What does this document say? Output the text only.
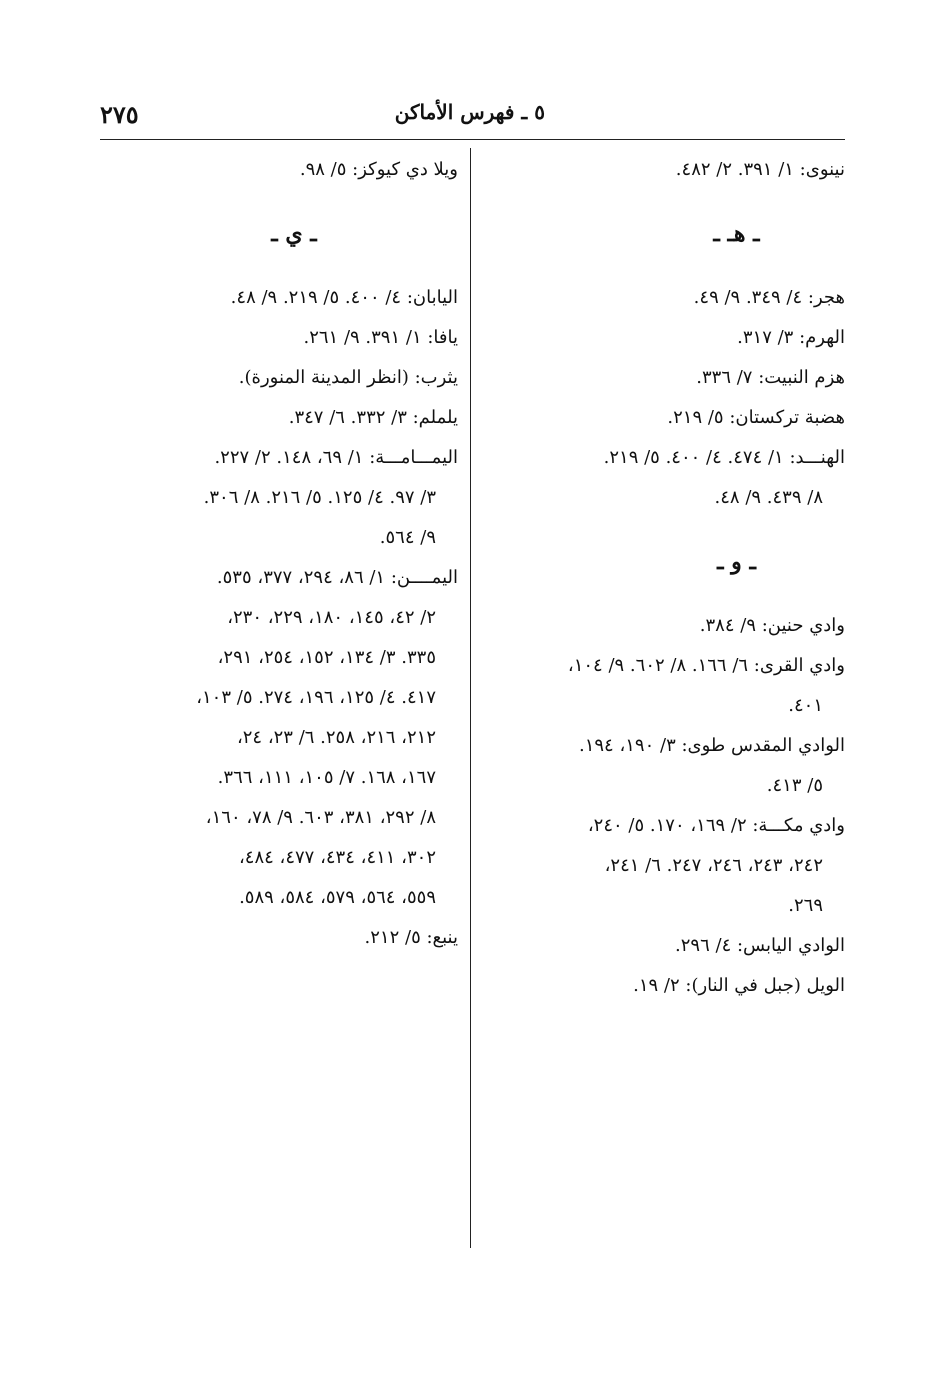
٢٧٥	٥ ـ فهرس الأماكن
نينوى: ١/ ٣٩١. ٢/ ٤٨٢.
ـ هـ ـ
هجر: ٤/ ٣٤٩. ٩/ ٤٩.
الهرم: ٣/ ٣١٧.
هزم النبيت: ٧/ ٣٣٦.
هضبة تركستان: ٥/ ٢١٩.
الهنـــد: ١/ ٤٧٤. ٤/ ٤٠٠. ٥/ ٢١٩.
٨/ ٤٣٩. ٩/ ٤٨.
ـ و ـ
وادي حنين: ٩/ ٣٨٤.
وادي القرى: ٦/ ١٦٦. ٨/ ٦٠٢. ٩/ ١٠٤،
٤٠١.
الوادي المقدس طوى: ٣/ ١٩٠، ١٩٤.
٥/ ٤١٣.
وادي مكـــة: ٢/ ١٦٩، ١٧٠. ٥/ ٢٤٠،
٢٤٢، ٢٤٣، ٢٤٦، ٢٤٧. ٦/ ٢٤١،
٢٦٩.
الوادي اليابس: ٤/ ٢٩٦.
الويل (جبل في النار): ٢/ ١٩.
ويلا دي كيوكز: ٥/ ٩٨.
ـ ي ـ
اليابان: ٤/ ٤٠٠. ٥/ ٢١٩. ٩/ ٤٨.
يافا: ١/ ٣٩١. ٩/ ٢٦١.
يثرب: (انظر المدينة المنورة).
يلملم: ٣/ ٣٣٢. ٦/ ٣٤٧.
اليمـــامـــة: ١/ ٦٩، ١٤٨. ٢/ ٢٢٧.
٣/ ٩٧. ٤/ ١٢٥. ٥/ ٢١٦. ٨/ ٣٠٦.
٩/ ٥٦٤.
اليمــــن: ١/ ٨٦، ٢٩٤، ٣٧٧، ٥٣٥.
٢/ ٤٢، ١٤٥، ١٨٠، ٢٢٩، ٢٣٠،
٣٣٥. ٣/ ١٣٤، ١٥٢، ٢٥٤، ٢٩١،
٤١٧. ٤/ ١٢٥، ١٩٦، ٢٧٤. ٥/ ١٠٣،
٢١٢، ٢١٦، ٢٥٨. ٦/ ٢٣، ٢٤،
١٦٧، ١٦٨. ٧/ ١٠٥، ١١١، ٣٦٦.
٨/ ٢٩٢، ٣٨١، ٦٠٣. ٩/ ٧٨، ١٦٠،
٣٠٢، ٤١١، ٤٣٤، ٤٧٧، ٤٨٤،
٥٥٩، ٥٦٤، ٥٧٩، ٥٨٤، ٥٨٩.
ينبع: ٥/ ٢١٢.
